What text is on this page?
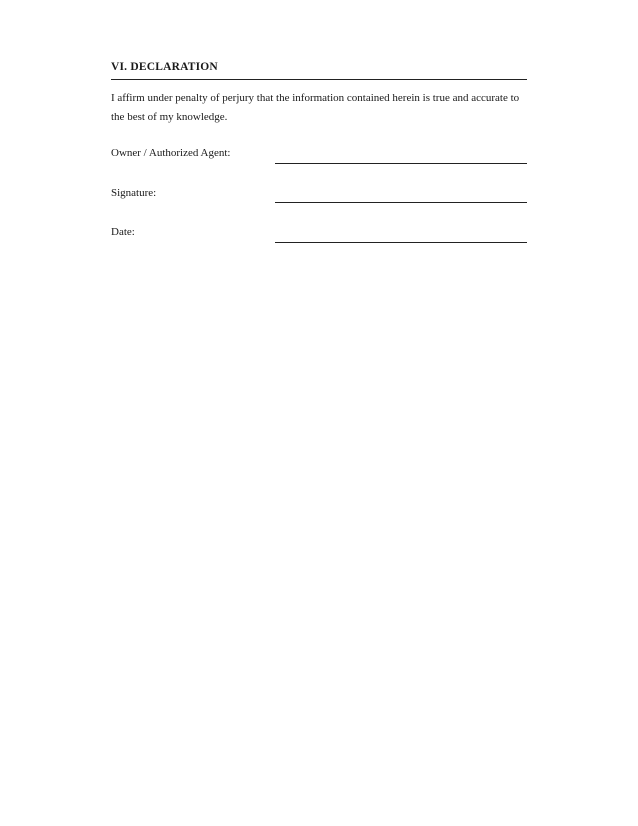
VI. DECLARATION
I affirm under penalty of perjury that the information contained herein is true and accurate to the best of my knowledge.
Owner / Authorized Agent:
Signature:
Date:
